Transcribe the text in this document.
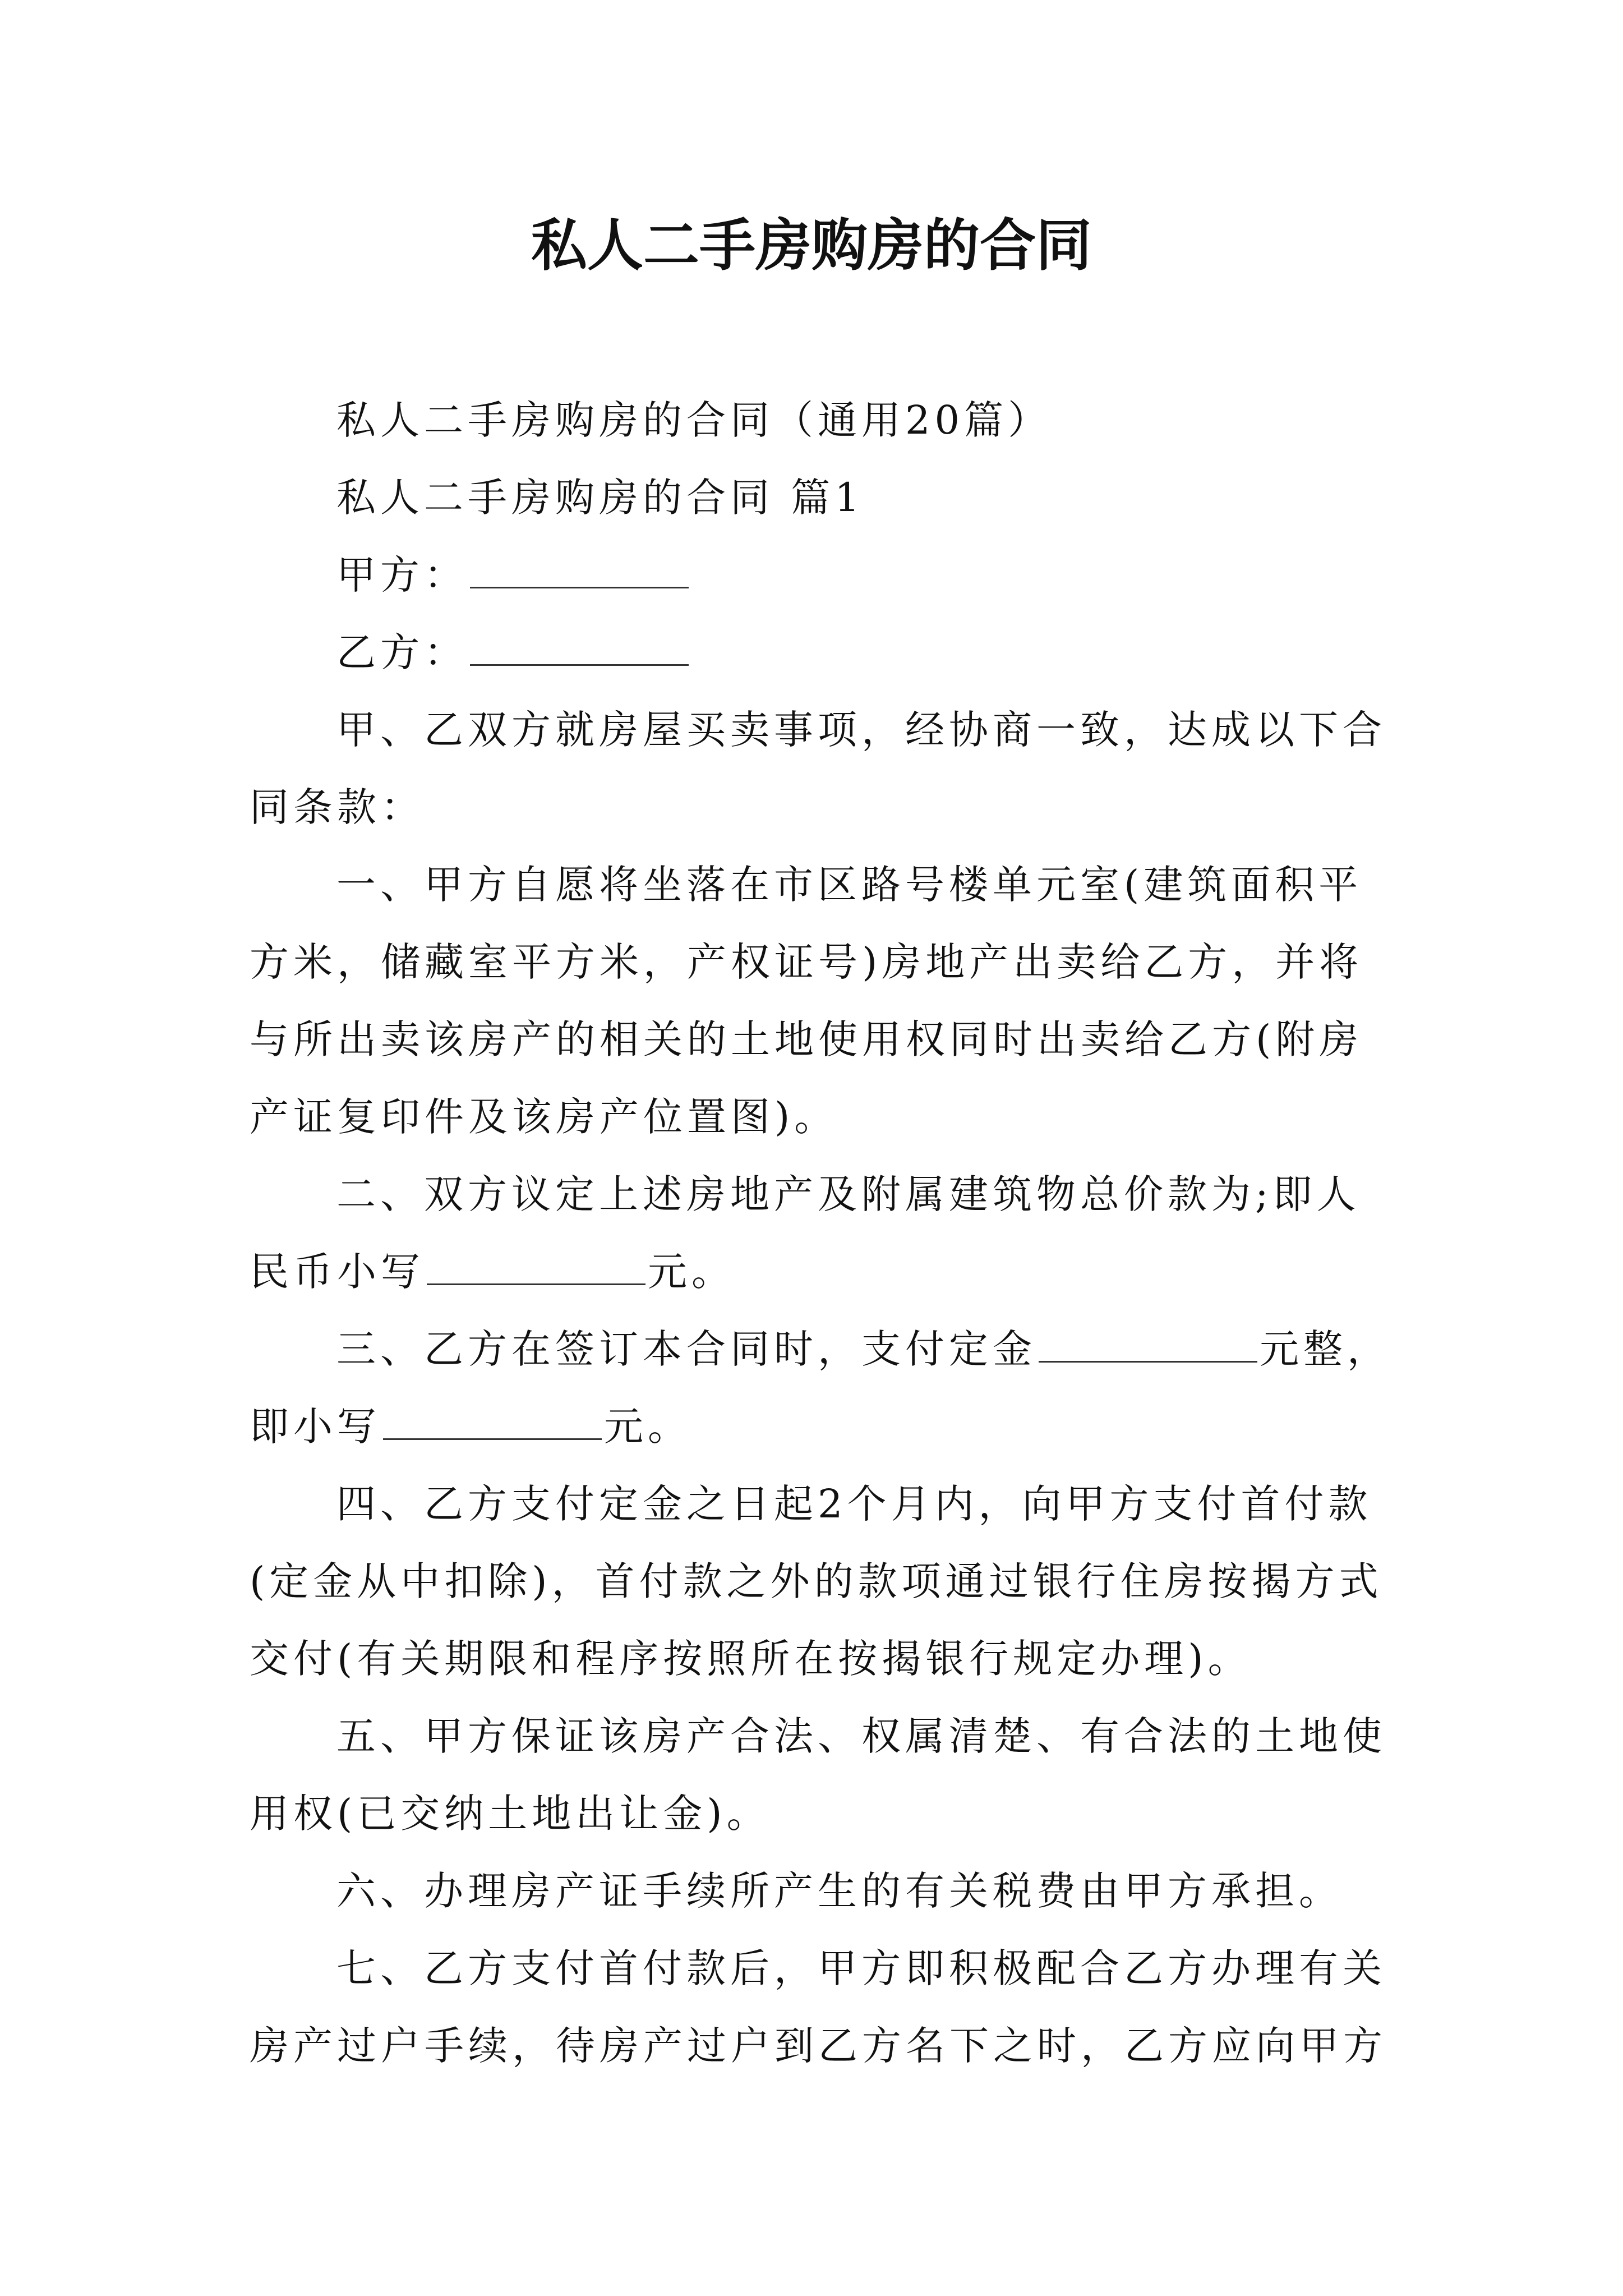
私人二手房购房的合同
私人二手房购房的合同（通用20篇）
私人二手房购房的合同 篇1
甲方：
乙方：
甲、乙双方就房屋买卖事项，经协商一致，达成以下合
同条款：
一、甲方自愿将坐落在市区路号楼单元室(建筑面积平
方米，储藏室平方米，产权证号)房地产出卖给乙方，并将
与所出卖该房产的相关的土地使用权同时出卖给乙方(附房
产证复印件及该房产位置图)。
二、双方议定上述房地产及附属建筑物总价款为;即人
民币小写	元。
三、乙方在签订本合同时，支付定金	元整，
即小写	元。
四、乙方支付定金之日起2个月内，向甲方支付首付款
(定金从中扣除)，首付款之外的款项通过银行住房按揭方式
交付(有关期限和程序按照所在按揭银行规定办理)。
五、甲方保证该房产合法、权属清楚、有合法的土地使
用权(已交纳土地出让金)。
六、办理房产证手续所产生的有关税费由甲方承担。
七、乙方支付首付款后，甲方即积极配合乙方办理有关
房产过户手续，待房产过户到乙方名下之时，乙方应向甲方
